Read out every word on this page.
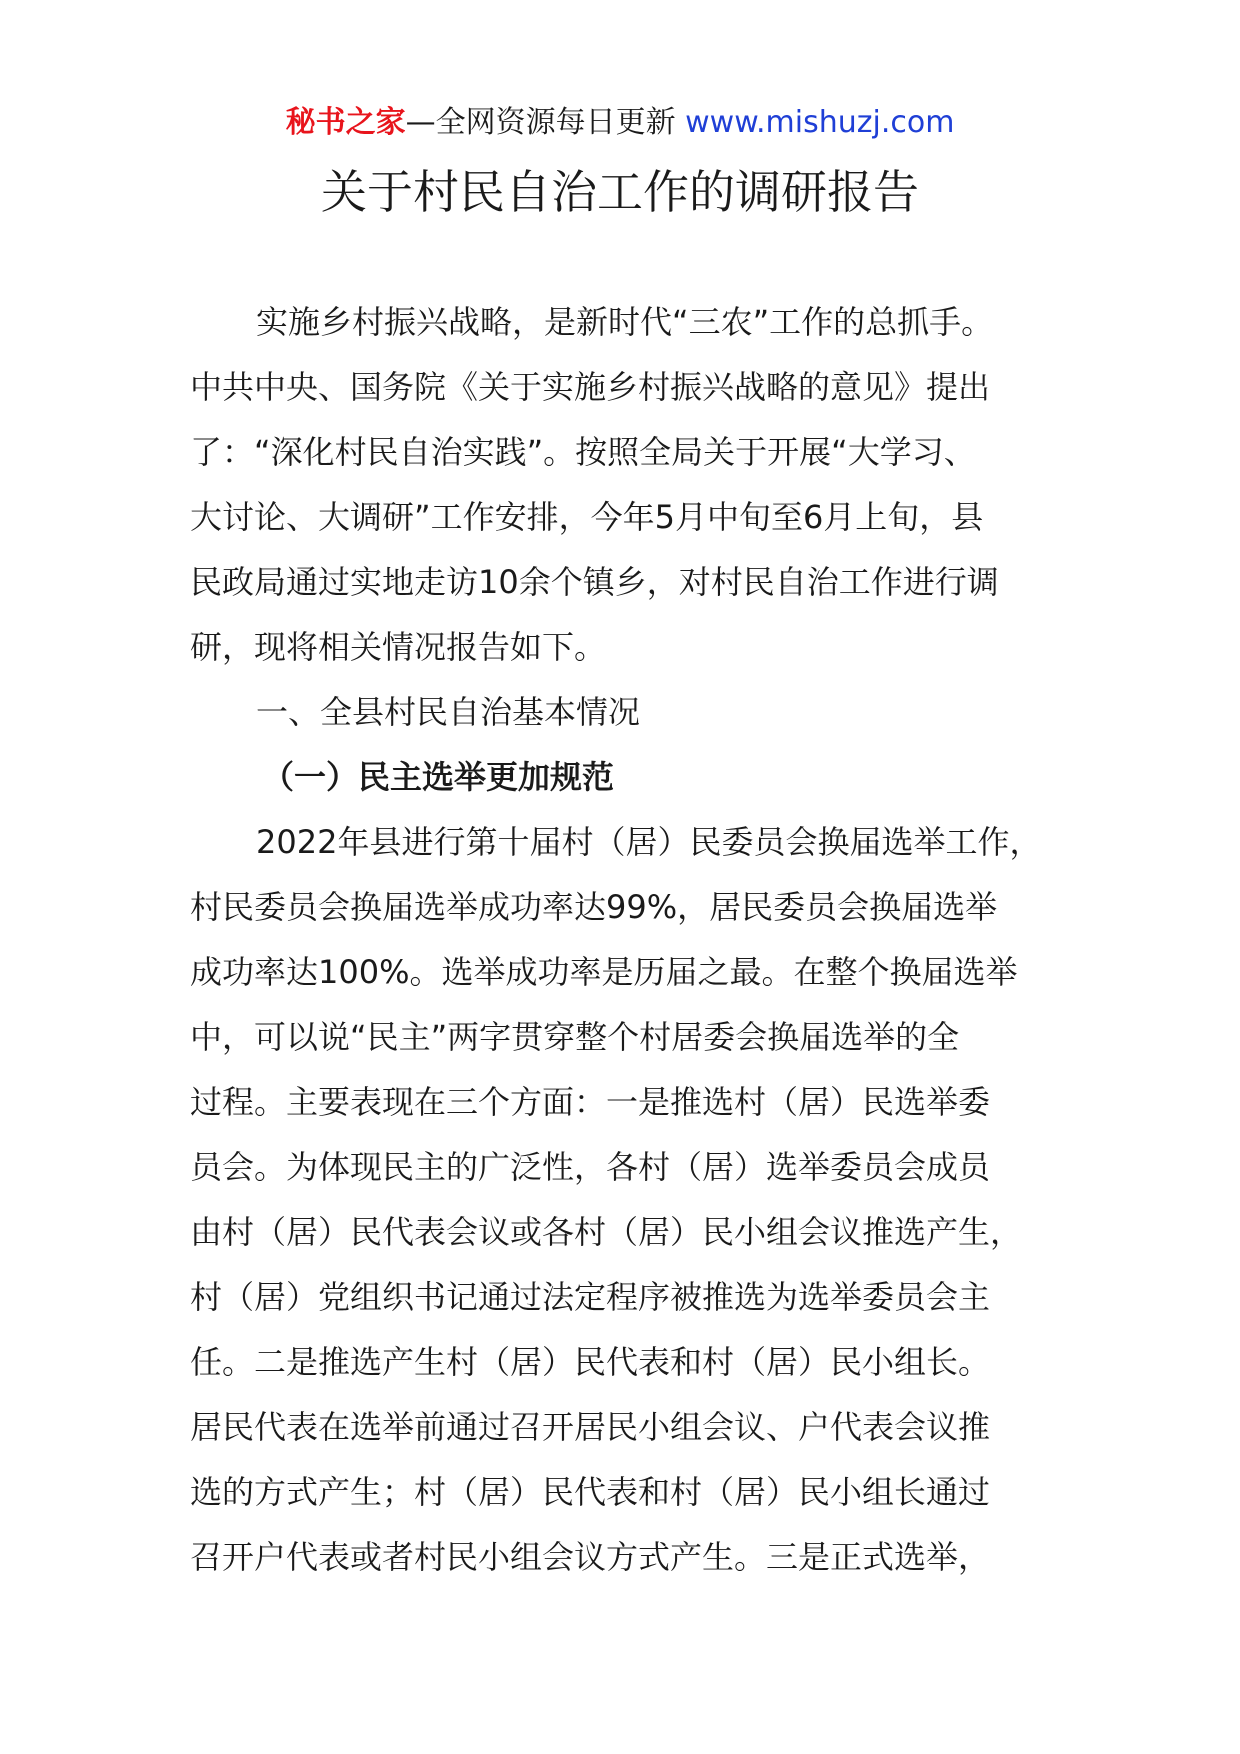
秘书之家—全网资源每日更新 www.mishuzj.com
关于村民自治工作的调研报告
实施乡村振兴战略，是新时代“三农”工作的总抓手。
中共中央、国务院《关于实施乡村振兴战略的意见》提出
了：“深化村民自治实践”。按照全局关于开展“大学习、
大讨论、大调研”工作安排，今年5月中旬至6月上旬，县
民政局通过实地走访10余个镇乡，对村民自治工作进行调
研，现将相关情况报告如下。
一、全县村民自治基本情况
（一）民主选举更加规范
2022年县进行第十届村（居）民委员会换届选举工作，
村民委员会换届选举成功率达99%，居民委员会换届选举
成功率达100%。选举成功率是历届之最。在整个换届选举
中，可以说“民主”两字贯穿整个村居委会换届选举的全
过程。主要表现在三个方面：一是推选村（居）民选举委
员会。为体现民主的广泛性，各村（居）选举委员会成员
由村（居）民代表会议或各村（居）民小组会议推选产生，
村（居）党组织书记通过法定程序被推选为选举委员会主
任。二是推选产生村（居）民代表和村（居）民小组长。
居民代表在选举前通过召开居民小组会议、户代表会议推
选的方式产生；村（居）民代表和村（居）民小组长通过
召开户代表或者村民小组会议方式产生。三是正式选举，
